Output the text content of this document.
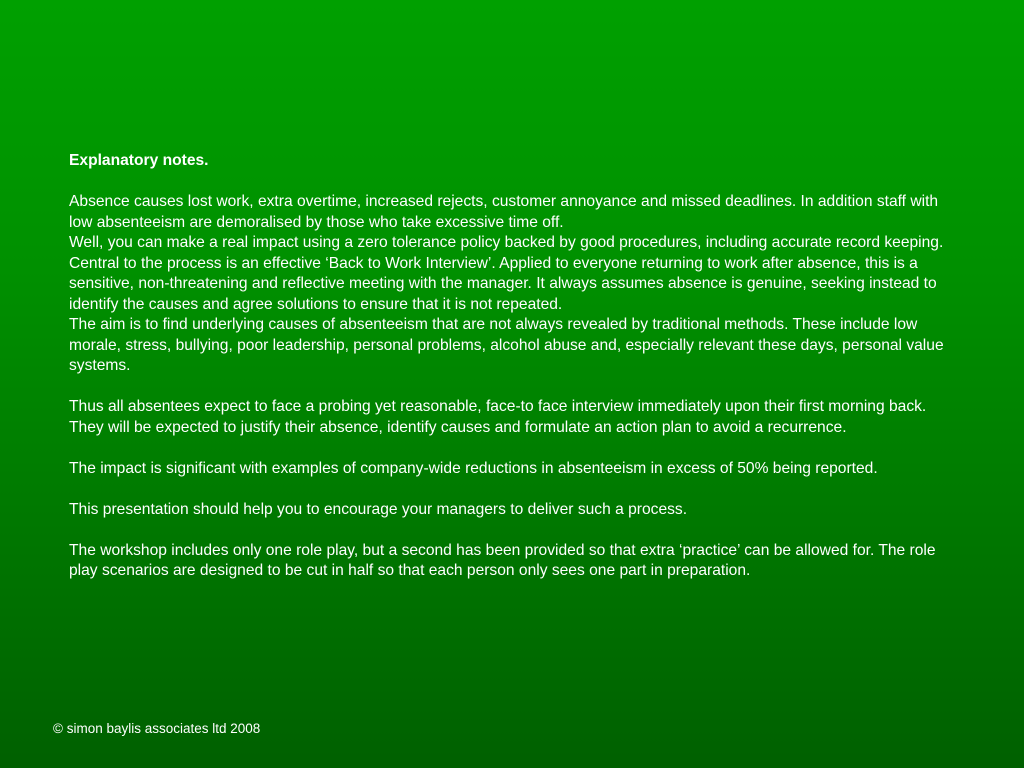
Explanatory notes.

Absence causes lost work, extra overtime, increased rejects, customer annoyance and missed deadlines. In addition staff with low absenteeism are demoralised by those who take excessive time off.

Well, you can make a real impact using a zero tolerance policy backed by good procedures, including accurate record keeping. Central to the process is an effective ‘Back to Work Interview’. Applied to everyone returning to work after absence, this is a sensitive, non-threatening and reflective meeting with the manager. It always assumes absence is genuine, seeking instead to identify the causes and agree solutions to ensure that it is not repeated.

The aim is to find underlying causes of absenteeism that are not always revealed by traditional methods. These include low morale, stress, bullying, poor leadership, personal problems, alcohol abuse and, especially relevant these days, personal value systems.

Thus all absentees expect to face a probing yet reasonable, face-to face interview immediately upon their first morning back. They will be expected to justify their absence, identify causes and formulate an action plan to avoid a recurrence.

The impact is significant with examples of company-wide reductions in absenteeism in excess of 50% being reported.

This presentation should help you to encourage your managers to deliver such a process.

The workshop includes only one role play, but a second has been provided so that extra ‘practice’ can be allowed for. The role play scenarios are designed to be cut in half so that each person only sees one part in preparation.

© simon baylis associates ltd 2008
